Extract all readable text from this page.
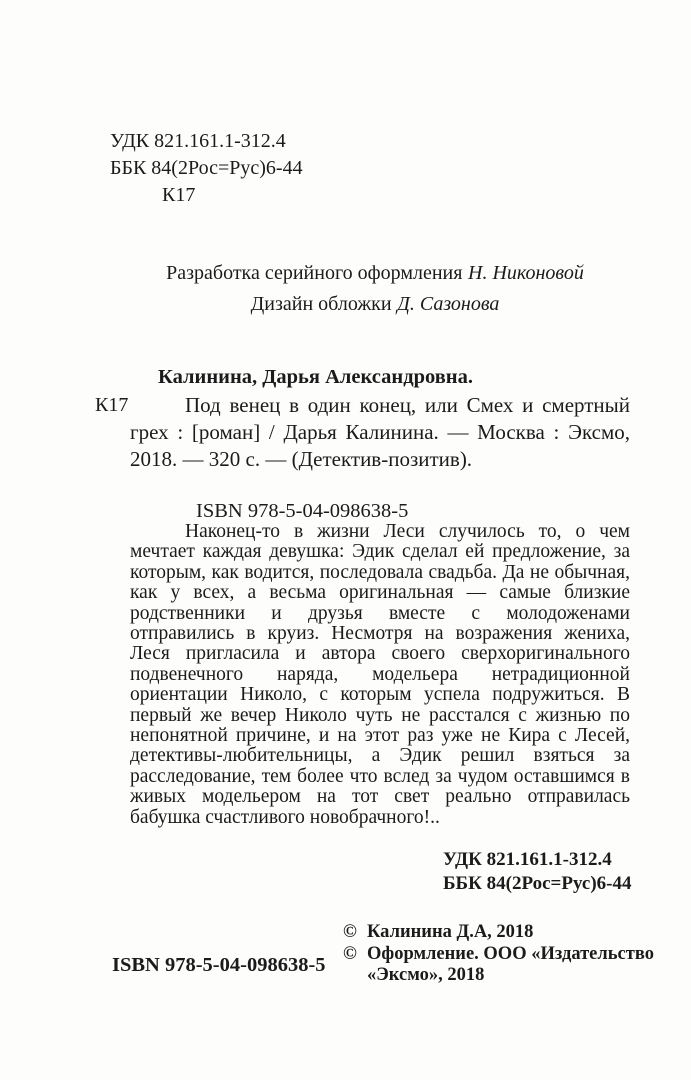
УДК 821.161.1-312.4
ББК 84(2Рос=Рус)6-44
К17
Разработка серийного оформления Н. Никоновой
Дизайн обложки Д. Сазонова
Калинина, Дарья Александровна.
К17	Под венец в один конец, или Смех и смертный грех : [роман] / Дарья Калинина. — Москва : Эксмо, 2018. — 320 с. — (Детектив-позитив).

ISBN 978-5-04-098638-5

Наконец-то в жизни Леси случилось то, о чем мечтает каждая девушка: Эдик сделал ей предложение, за которым, как водится, последовала свадьба. Да не обычная, как у всех, а весьма оригинальная — самые близкие родственники и друзья вместе с молодоженами отправились в круиз. Несмотря на возражения жениха, Леся пригласила и автора своего сверхоригинального подвенечного наряда, модельера нетрадиционной ориентации Николо, с которым успела подружиться. В первый же вечер Николо чуть не расстался с жизнью по непонятной причине, и на этот раз уже не Кира с Лесей, детективы-любительницы, а Эдик решил взяться за расследование, тем более что вслед за чудом оставшимся в живых модельером на тот свет реально отправилась бабушка счастливого новобрачного!..

УДК 821.161.1-312.4
ББК 84(2Рос=Рус)6-44
© Калинина Д.А, 2018
© Оформление. ООО «Издательство «Эксмо», 2018
ISBN 978-5-04-098638-5
